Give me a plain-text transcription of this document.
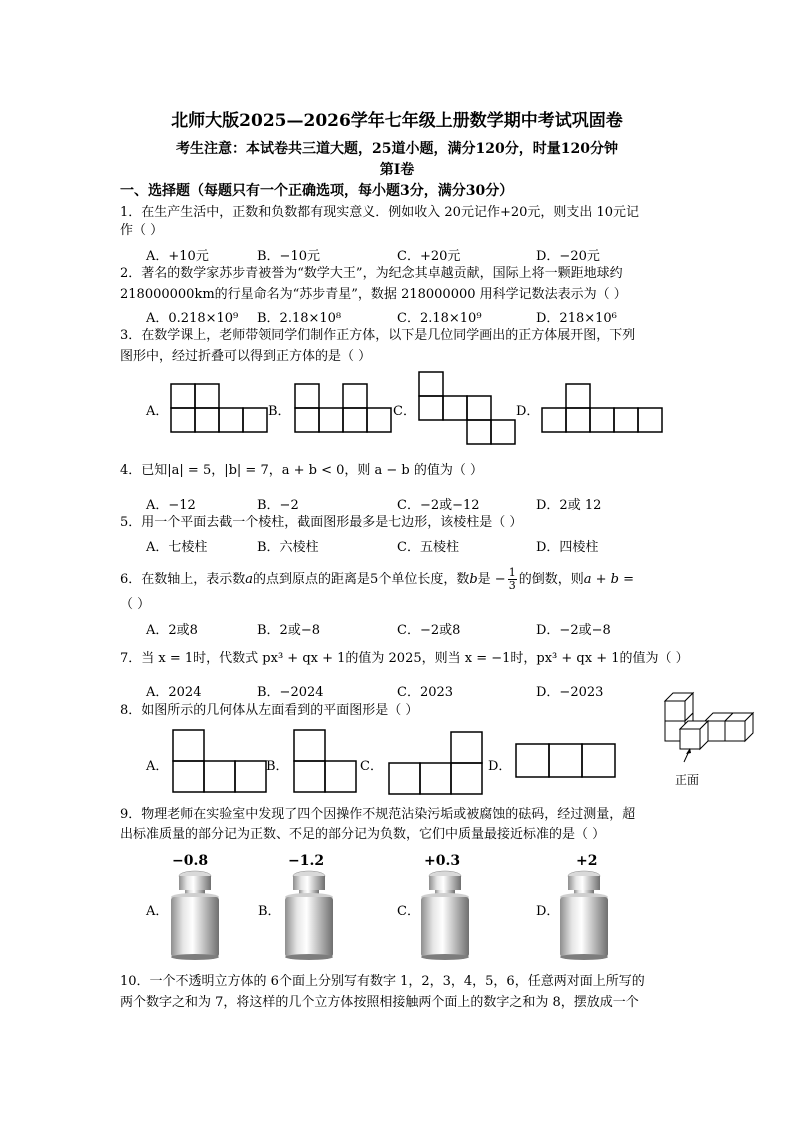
北师大版2025—2026学年七年级上册数学期中考试巩固卷
考生注意：本试卷共三道大题，25道小题，满分120分，时量120分钟
第Ⅰ卷
一、选择题（每题只有一个正确选项，每小题3分，满分30分）
1．在生产生活中，正数和负数都有现实意义．例如收入 20元记作+20元，则支出 10元记
作（ ）
A．+10元	B．−10元	C．+20元	D．−20元
2．著名的数学家苏步青被誉为“数学大王”，为纪念其卓越贡献，国际上将一颗距地球约
218000000km的行星命名为“苏步青星”，数据 218000000 用科学记数法表示为（ ）
A．0.218×10⁹ B．2.18×10⁸	C．2.18×10⁹	D．218×10⁶
3．在数学课上，老师带领同学们制作正方体，以下是几位同学画出的正方体展开图，下列
图形中，经过折叠可以得到正方体的是（ ）
A．	B．	C．	D．
4．已知|a| = 5，|b| = 7，a + b < 0，则 a − b 的值为（ ）
A．−12	B．−2	C．−2或−12	D．2或 12
5．用一个平面去截一个棱柱，截面图形最多是七边形，该棱柱是（ ）
A．七棱柱	B．六棱柱	C．五棱柱	D．四棱柱
6．在数轴上，表示数a的点到原点的距离是5个单位长度，数b是 − $\frac{1}{3}$ 的倒数，则a + b =
（ ）
A．2或8	B．2或−8	C．−2或8	D．−2或−8
7．当 x = 1时，代数式 px³ + qx + 1的值为 2025，则当 x = −1时，px³ + qx + 1的值为（ ）
A．2024	B．−2024	C．2023	D．−2023
8．如图所示的几何体从左面看到的平面图形是（ ）
A．	B．	C．	D．
正面
9．物理老师在实验室中发现了四个因操作不规范沾染污垢或被腐蚀的砝码，经过测量，超
出标准质量的部分记为正数、不足的部分记为负数，它们中质量最接近标准的是（ ）
−0.8	−1.2	+0.3	+2
A．	B．	C．	D．
10．一个不透明立方体的 6个面上分别写有数字 1，2，3，4，5，6，任意两对面上所写的
两个数字之和为 7，将这样的几个立方体按照相接触两个面上的数字之和为 8，摆放成一个
